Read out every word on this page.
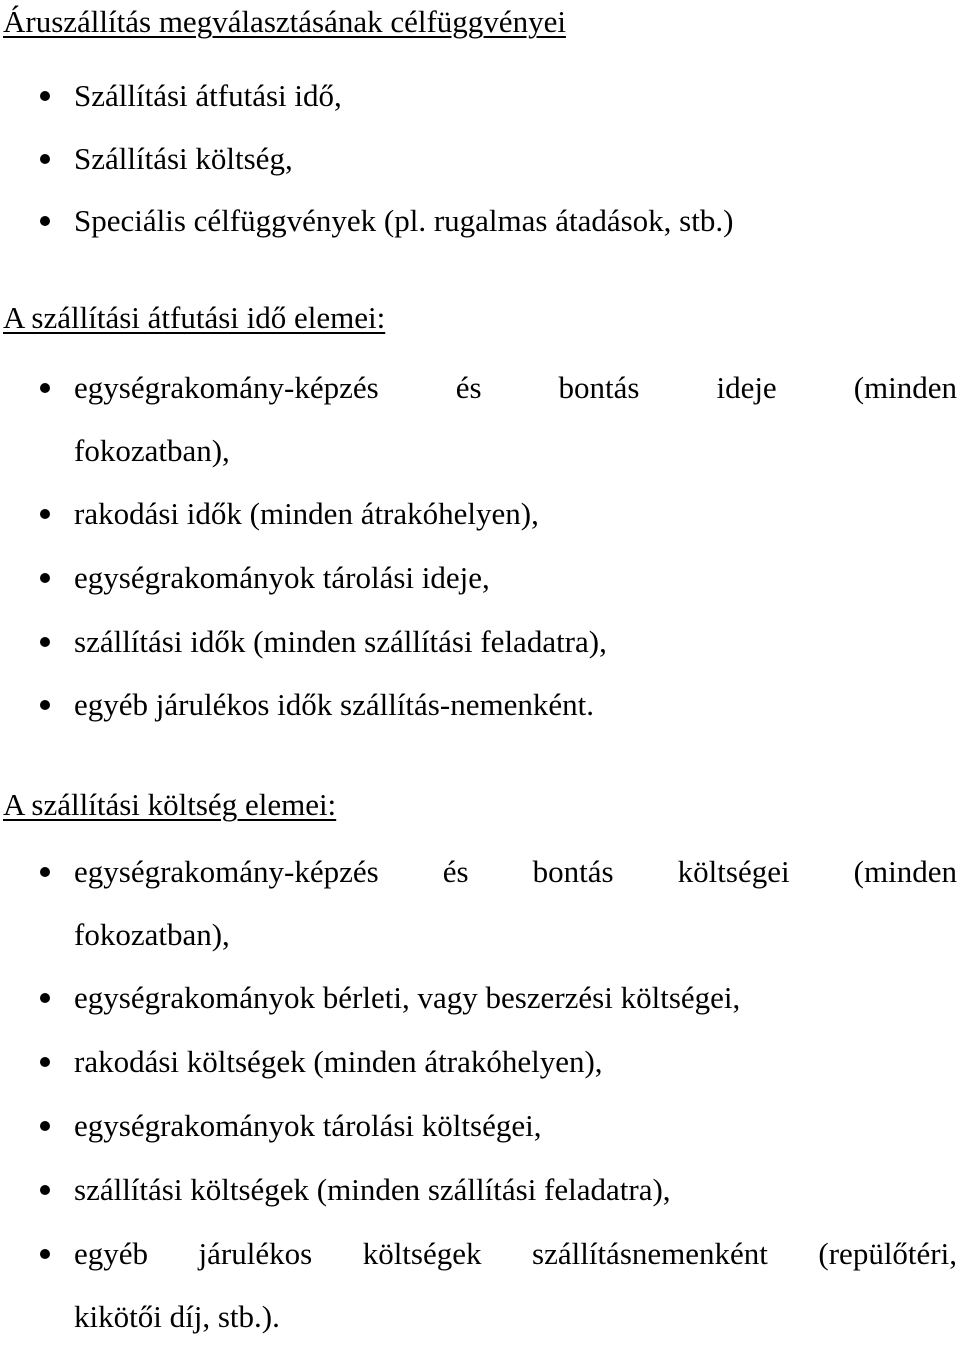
Áruszállítás megválasztásának célfüggvényei
Szállítási átfutási idő,
Szállítási költség,
Speciális célfüggvények (pl. rugalmas átadások, stb.)
A szállítási átfutási idő elemei:
egységrakomány-képzés és bontás ideje (minden
fokozatban),
rakodási idők (minden átrakóhelyen),
egységrakományok tárolási ideje,
szállítási idők (minden szállítási feladatra),
egyéb járulékos idők szállítás-nemenként.
A szállítási költség elemei:
egységrakomány-képzés és bontás költségei (minden
fokozatban),
egységrakományok bérleti, vagy beszerzési költségei,
rakodási költségek (minden átrakóhelyen),
egységrakományok tárolási költségei,
szállítási költségek (minden szállítási feladatra),
egyéb járulékos költségek szállításnemenként (repülőtéri,
kikötői díj, stb.).
